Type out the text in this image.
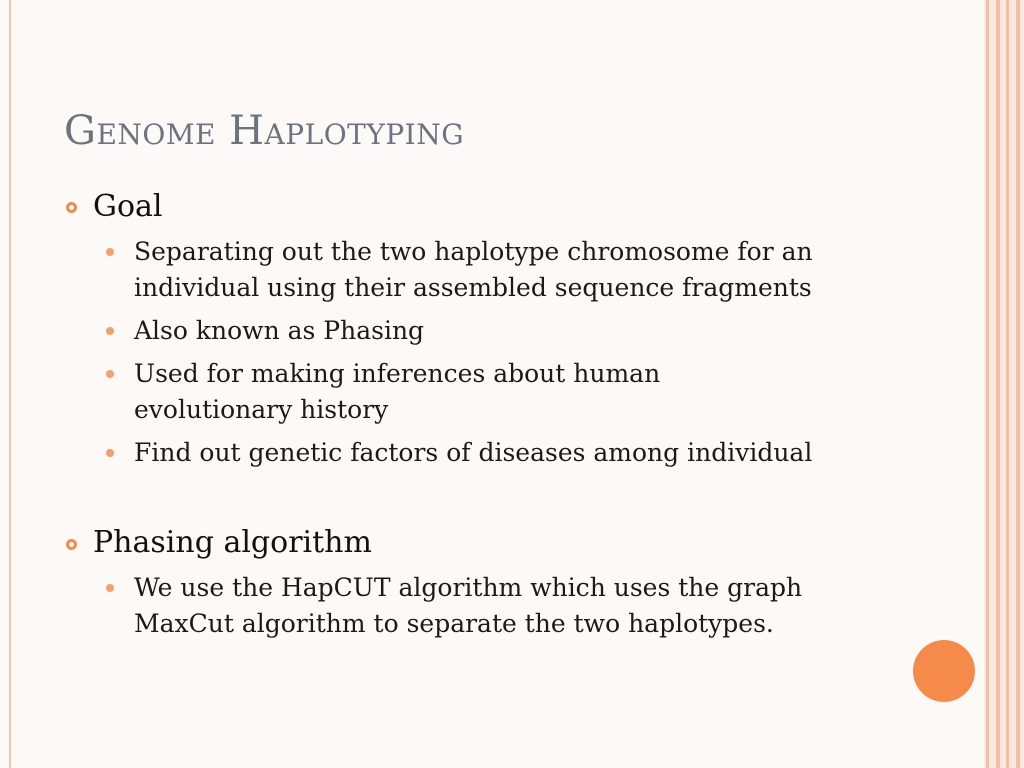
Genome Haplotyping
Goal
Separating out the two haplotype chromosome for an
individual using their assembled sequence fragments
Also known as Phasing
Used for making inferences about human
evolutionary history
Find out genetic factors of diseases among individual
Phasing algorithm
We use the HapCUT algorithm which uses the graph
MaxCut algorithm to separate the two haplotypes.
